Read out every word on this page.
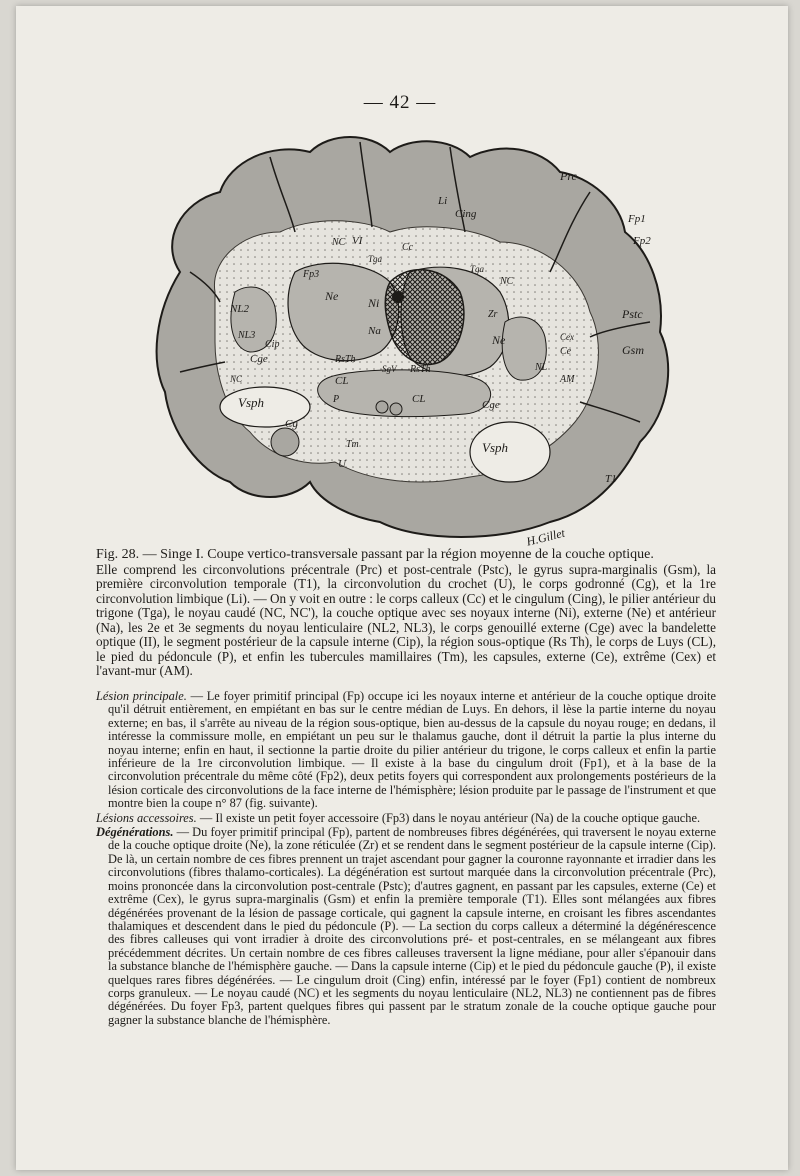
— 42 —
Prc
Cing
Li
Cc
Fp1
Fp2
Pstc
Gsm
NC VI
Tga
Tga
NC
Fp3
Ne Ni
Na
NL2
NL3
Cip
Cge
Ne
RsTh
SgV RsTh
Zr
Ce
Cex
AM
NL
NC
Vsph
CL
P	CL	Cge
Cg
Tm	Vsph
U
T1
H.Gillet

Fig. 28. — Singe I. Coupe vertico-transversale passant par la région moyenne de la couche optique.

Elle comprend les circonvolutions précentrale (Prc) et post-centrale (Pstc), le gyrus supra-marginalis (Gsm), la première circonvolution temporale (T1), la circonvolution du crochet (U), le corps godronné (Cg), et la 1re circonvolution limbique (Li). — On y voit en outre : le corps calleux (Cc) et le cingulum (Cing), le pilier antérieur du trigone (Tga), le noyau caudé (NC, NC'), la couche optique avec ses noyaux interne (Ni), externe (Ne) et antérieur (Na), les 2e et 3e segments du noyau lenticulaire (NL2, NL3), le corps genouillé externe (Cge) avec la bandelette optique (II), le segment postérieur de la capsule interne (Cip), la région sous-optique (Rs Th), le corps de Luys (CL), le pied du pédoncule (P), et enfin les tubercules mamillaires (Tm), les capsules, externe (Ce), extrême (Cex) et l'avant-mur (AM).

Lésion principale. — Le foyer primitif principal (Fp) occupe ici les noyaux interne et antérieur de la couche optique droite qu'il détruit entièrement, en empiétant en bas sur le centre médian de Luys. En dehors, il lèse la partie interne du noyau externe; en bas, il s'arrête au niveau de la région sous-optique, bien au-dessus de la capsule du noyau rouge; en dedans, il intéresse la commissure molle, en empiétant un peu sur le thalamus gauche, dont il détruit la partie la plus interne du noyau interne; enfin en haut, il sectionne la partie droite du pilier antérieur du trigone, le corps calleux et enfin la partie inférieure de la 1re circonvolution limbique. — Il existe à la base du cingulum droit (Fp1), et à la base de la circonvolution précentrale du même côté (Fp2), deux petits foyers qui correspondent aux prolongements postérieurs de la lésion corticale des circonvolutions de la face interne de l'hémisphère; lésion produite par le passage de l'instrument et que montre bien la coupe n° 87 (fig. suivante).

Lésions accessoires. — Il existe un petit foyer accessoire (Fp3) dans le noyau antérieur (Na) de la couche optique gauche.

Dégénérations. — Du foyer primitif principal (Fp), partent de nombreuses fibres dégénérées, qui traversent le noyau externe de la couche optique droite (Ne), la zone réticulée (Zr) et se rendent dans le segment postérieur de la capsule interne (Cip). De là, un certain nombre de ces fibres prennent un trajet ascendant pour gagner la couronne rayonnante et irradier dans les circonvolutions (fibres thalamo-corticales). La dégénération est surtout marquée dans la circonvolution précentrale (Prc), moins prononcée dans la circonvolution post-centrale (Pstc); d'autres gagnent, en passant par les capsules, externe (Ce) et extrême (Cex), le gyrus supra-marginalis (Gsm) et enfin la première temporale (T1). Elles sont mélangées aux fibres dégénérées provenant de la lésion de passage corticale, qui gagnent la capsule interne, en croisant les fibres ascendantes thalamiques et descendent dans le pied du pédoncule (P). — La section du corps calleux a déterminé la dégénérescence des fibres calleuses qui vont irradier à droite des circonvolutions pré- et post-centrales, en se mélangeant aux fibres précédemment décrites. Un certain nombre de ces fibres calleuses traversent la ligne médiane, pour aller s'épanouir dans la substance blanche de l'hémisphère gauche. — Dans la capsule interne (Cip) et le pied du pédoncule gauche (P), il existe quelques rares fibres dégénérées. — Le cingulum droit (Cing) enfin, intéressé par le foyer (Fp1) contient de nombreux corps granuleux. — Le noyau caudé (NC) et les segments du noyau lenticulaire (NL2, NL3) ne contiennent pas de fibres dégénérées. Du foyer Fp3, partent quelques fibres qui passent par le stratum zonale de la couche optique gauche pour gagner la substance blanche de l'hémisphère.
